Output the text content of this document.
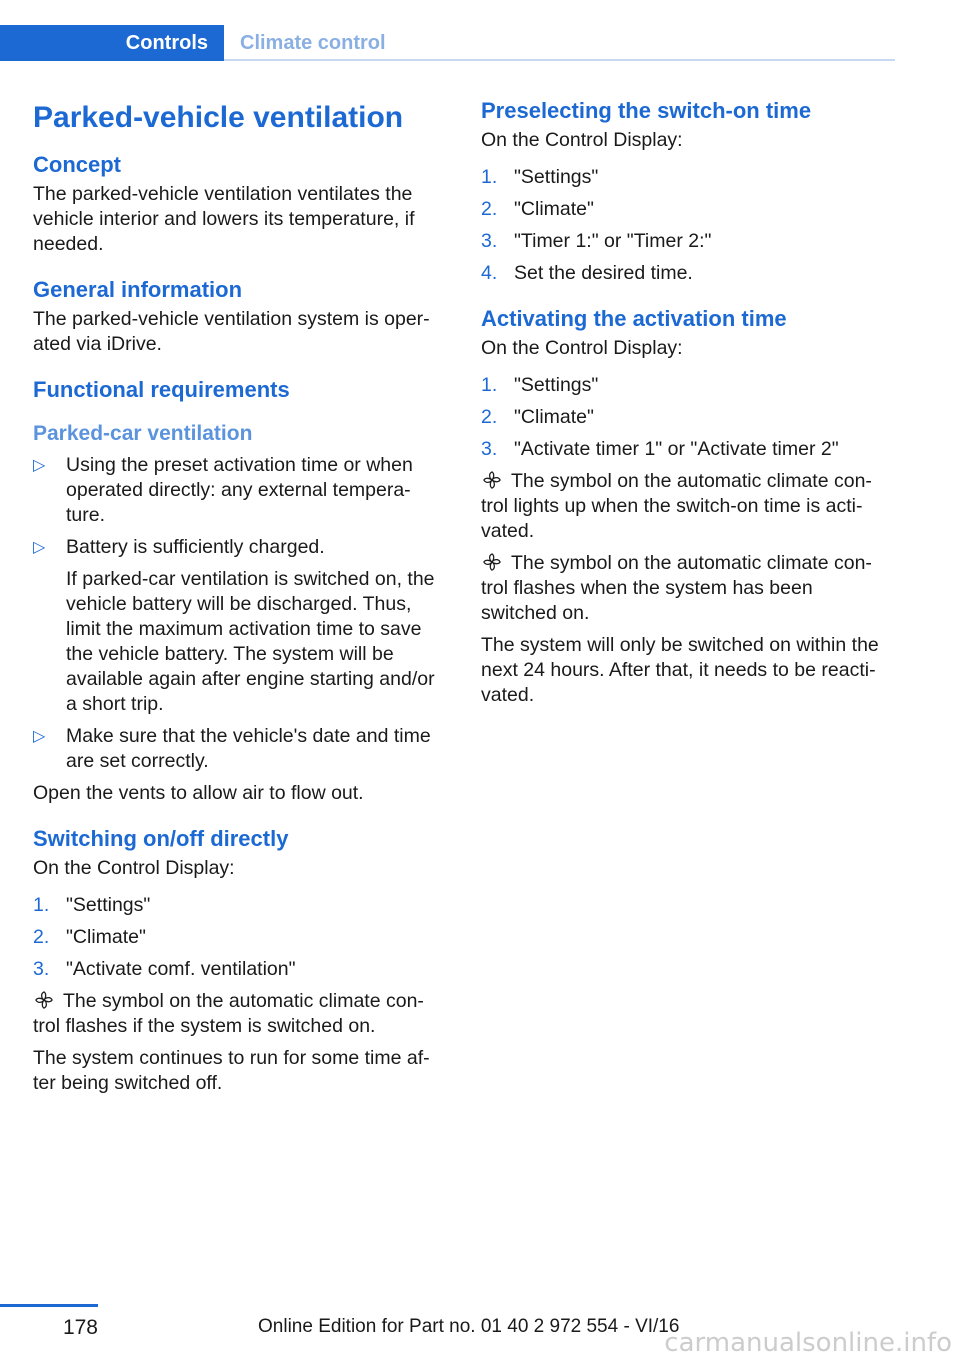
Controls	Climate control
Parked-vehicle ventilation
Concept
The parked-vehicle ventilation ventilates the vehicle interior and lowers its temperature, if needed.
General information
The parked-vehicle ventilation system is oper‐ ated via iDrive.
Functional requirements
Parked-car ventilation
▷ Using the preset activation time or when operated directly: any external tempera‐ ture.
▷ Battery is sufficiently charged.
If parked-car ventilation is switched on, the vehicle battery will be discharged. Thus, limit the maximum activation time to save the vehicle battery. The system will be available again after engine starting and/or a short trip.
▷ Make sure that the vehicle's date and time are set correctly.
Open the vents to allow air to flow out.
Switching on/off directly
On the Control Display:
1. "Settings"
2. "Climate"
3. "Activate comf. ventilation"
The symbol on the automatic climate con‐ trol flashes if the system is switched on.
The system continues to run for some time af‐ ter being switched off.
Preselecting the switch-on time
On the Control Display:
1. "Settings"
2. "Climate"
3. "Timer 1:" or "Timer 2:"
4. Set the desired time.
Activating the activation time
On the Control Display:
1. "Settings"
2. "Climate"
3. "Activate timer 1" or "Activate timer 2"
The symbol on the automatic climate con‐ trol lights up when the switch-on time is acti‐ vated.
The symbol on the automatic climate con‐ trol flashes when the system has been switched on.
The system will only be switched on within the next 24 hours. After that, it needs to be reacti‐ vated.
178	Online Edition for Part no. 01 40 2 972 554 - VI/16
carmanualsonline.info
